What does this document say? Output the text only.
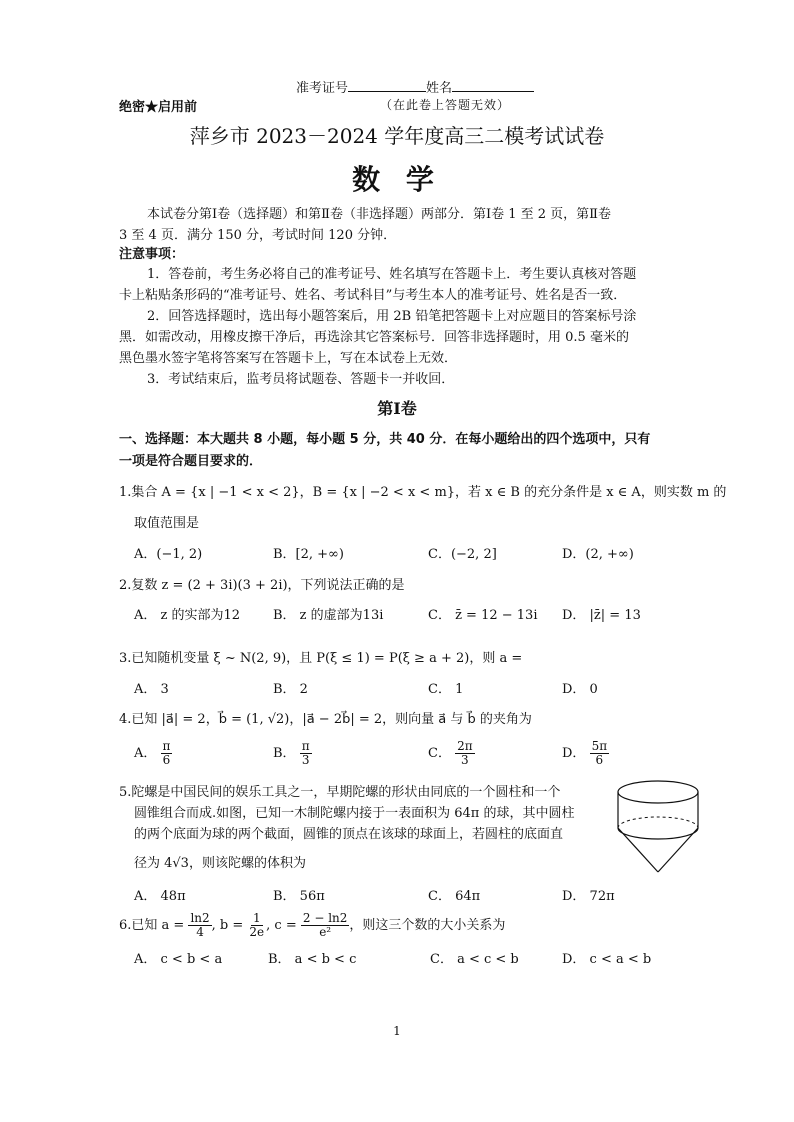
准考证号	姓名
绝密★启用前	（在此卷上答题无效）
萍乡市 2023－2024 学年度高三二模考试试卷
数 学
本试卷分第Ⅰ卷（选择题）和第Ⅱ卷（非选择题）两部分．第Ⅰ卷 1 至 2 页，第Ⅱ卷
3 至 4 页．满分 150 分，考试时间 120 分钟．
注意事项：
1．答卷前，考生务必将自己的准考证号、姓名填写在答题卡上．考生要认真核对答题
卡上粘贴条形码的“准考证号、姓名、考试科目”与考生本人的准考证号、姓名是否一致．
2．回答选择题时，选出每小题答案后，用 2B 铅笔把答题卡上对应题目的答案标号涂
黑．如需改动，用橡皮擦干净后，再选涂其它答案标号．回答非选择题时，用 0.5 毫米的
黑色墨水签字笔将答案写在答题卡上，写在本试卷上无效．
3．考试结束后，监考员将试题卷、答题卡一并收回．
第Ⅰ卷
一、选择题：本大题共 8 小题，每小题 5 分，共 40 分．在每小题给出的四个选项中，只有
一项是符合题目要求的．
1.集合 A = {x | −1 < x < 2}，B = {x | −2 < x < m}，若 x ∈ B 的充分条件是 x ∈ A，则实数 m 的
取值范围是
A．(−1, 2)	B．[2, +∞)	C．(−2, 2]	D．(2, +∞)
2.复数 z = (2 + 3i)(3 + 2i)，下列说法正确的是
A． z 的实部为12	B． z 的虚部为13i	C． z̄ = 12 − 13i D． |z̄| = 13
3.已知随机变量 ξ ~ N(2, 9)，且 P(ξ ≤ 1) = P(ξ ≥ a + 2)，则 a =
A． 3	B． 2	C． 1	D． 0
4.已知 |a⃗| = 2，b⃗ = (1, √2)，|a⃗ − 2b⃗| = 2，则向量 a⃗ 与 b⃗ 的夹角为
A． $\frac{\pi}{6}$	B． $\frac{\pi}{3}$	C． $\frac{2\pi}{3}$	D． $\frac{5\pi}{6}$
5.陀螺是中国民间的娱乐工具之一，早期陀螺的形状由同底的一个圆柱和一个
圆锥组合而成.如图，已知一木制陀螺内接于一表面积为 64π 的球，其中圆柱
的两个底面为球的两个截面，圆锥的顶点在该球的球面上，若圆柱的底面直
径为 4√3，则该陀螺的体积为
A． 48π	B． 56π	C． 64π	D． 72π
6.已知 $a = \frac{\ln 2}{4}$ , $b = \frac{1}{2e}$ , $c = \frac{2 - \ln 2}{\text{e²}}$ ，则这三个数的大小关系为
A． c < b < a	B． a < b < c	C． a < c < b	D． c < a < b
1
